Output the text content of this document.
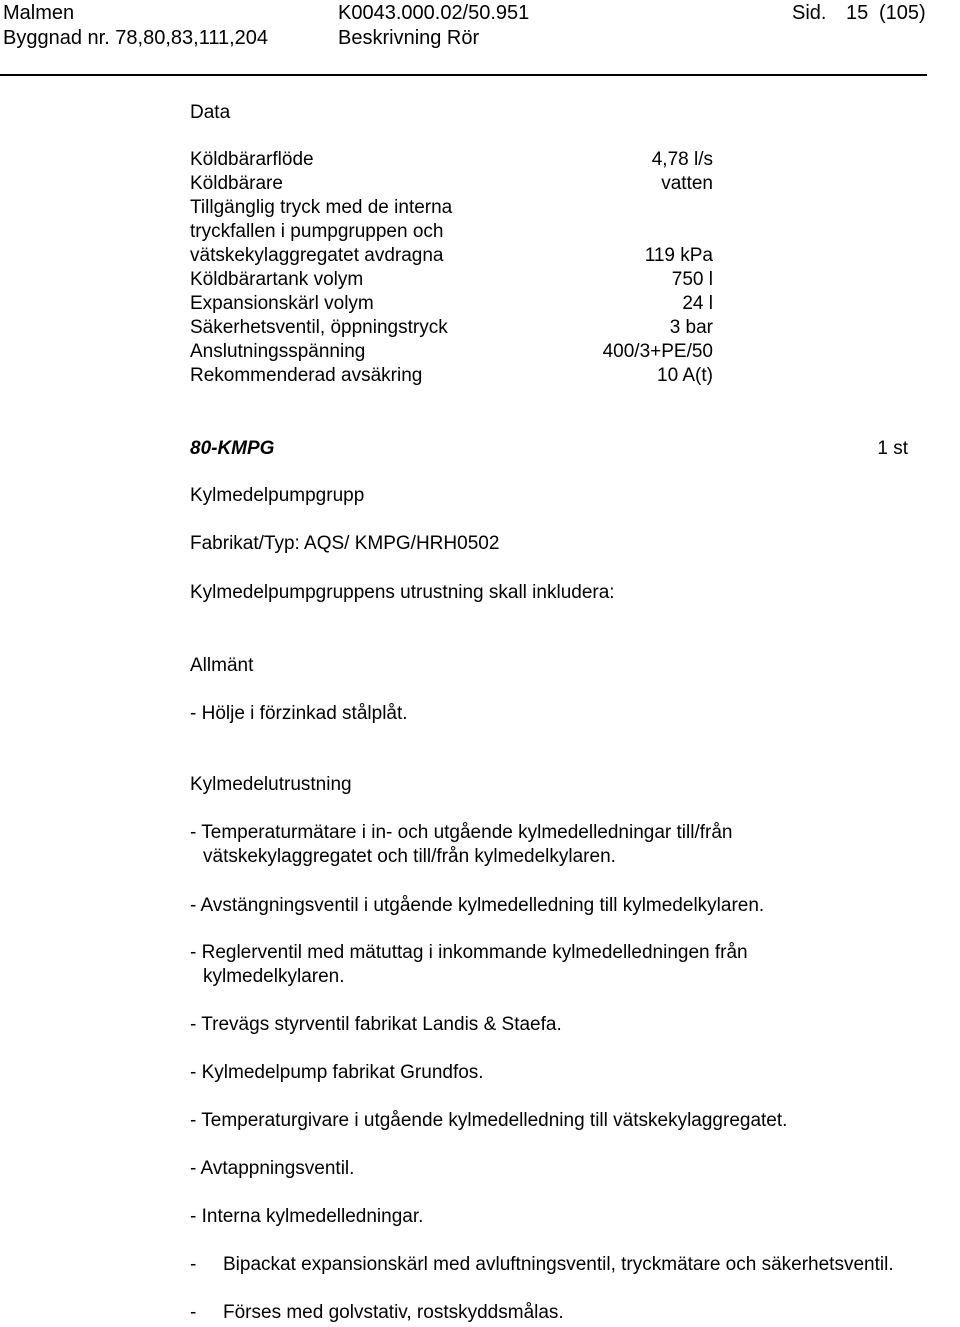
Malmen
Byggnad nr. 78,80,83,111,204
K0043.000.02/50.951
Beskrivning Rör
Sid. 15 (105)
Data
Köldbärarflöde	4,78 l/s
Köldbärare	vatten
Tillgänglig tryck med de interna
tryckfallen i pumpgruppen och
vätskekylaggregatet avdragna	119 kPa
Köldbärartank volym	750 l
Expansionskärl volym	24 l
Säkerhetsventil, öppningstryck	3 bar
Anslutningsspänning	400/3+PE/50
Rekommenderad avsäkring	10 A(t)
80-KMPG	1 st
Kylmedelpumpgrupp
Fabrikat/Typ: AQS/ KMPG/HRH0502
Kylmedelpumpgruppens utrustning skall inkludera:
Allmänt
- Hölje i förzinkad stålplåt.
Kylmedelutrustning
- Temperaturmätare i in- och utgående kylmedelledningar till/från
vätskekylaggregatet och till/från kylmedelkylaren.
- Avstängningsventil i utgående kylmedelledning till kylmedelkylaren.
- Reglerventil med mätuttag i inkommande kylmedelledningen från
kylmedelkylaren.
- Trevägs styrventil fabrikat Landis & Staefa.
- Kylmedelpump fabrikat Grundfos.
- Temperaturgivare i utgående kylmedelledning till vätskekylaggregatet.
- Avtappningsventil.
- Interna kylmedelledningar.
- Bipackat expansionskärl med avluftningsventil, tryckmätare och säkerhetsventil.
- Förses med golvstativ, rostskyddsmålas.
